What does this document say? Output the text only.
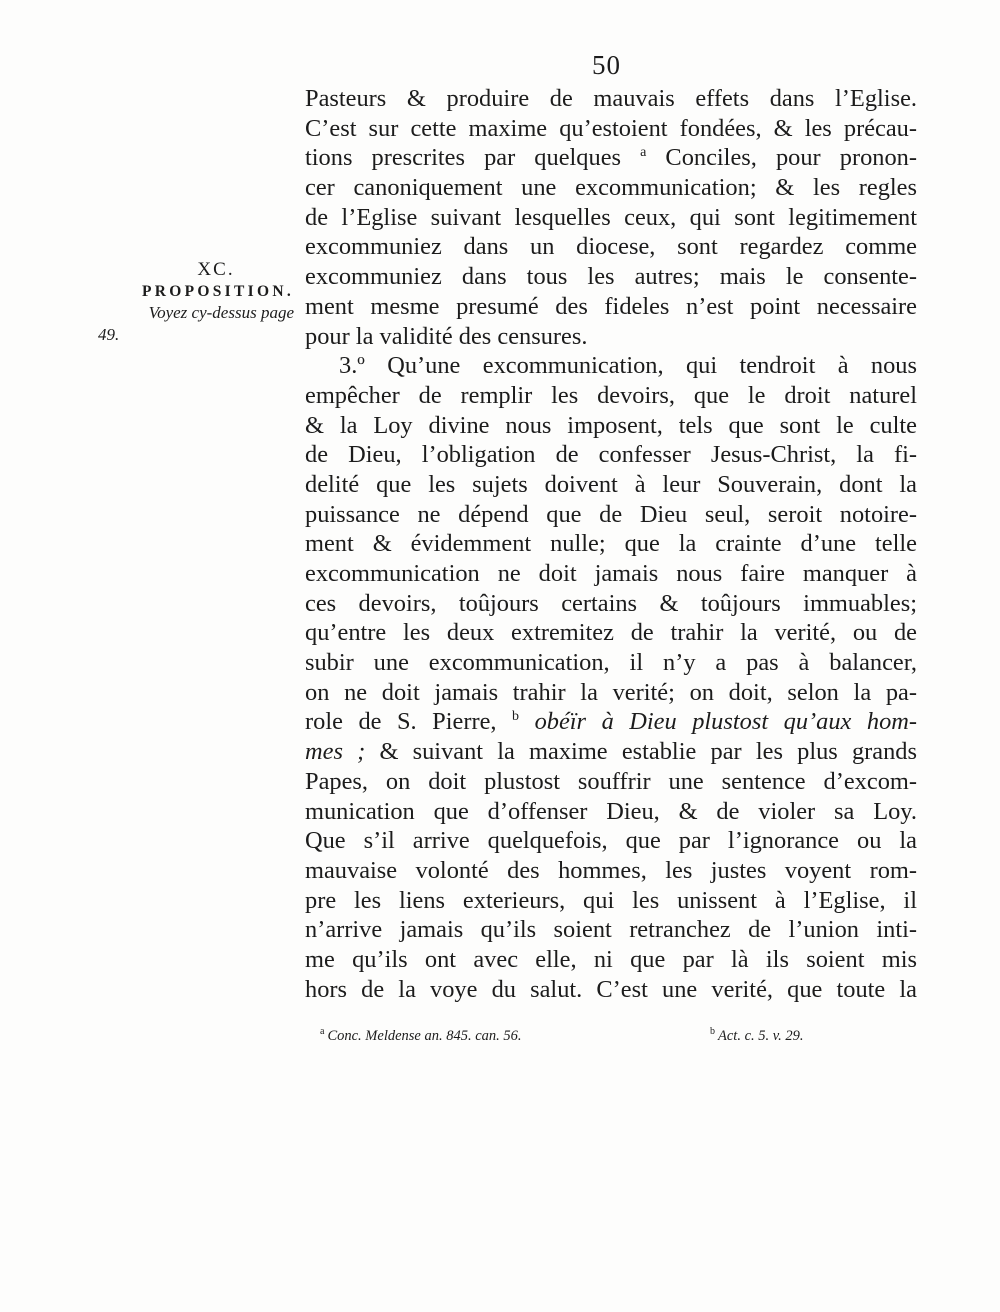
50
XC.
PROPOSITION.
Voyez cy-dessus page
49.
Pasteurs & produire de mauvais effets dans l’Eglise.
C’est sur cette maxime qu’estoient fondées, & les précau-
tions prescrites par quelques $^a$ Conciles, pour pronon-
cer canoniquement une excommunication; & les regles
de l’Eglise suivant lesquelles ceux, qui sont legitimement
excommuniez dans un diocese, sont regardez comme
excommuniez dans tous les autres; mais le consente-
ment mesme presumé des fideles n’est point necessaire
pour la validité des censures.
3.º Qu’une excommunication, qui tendroit à nous
empêcher de remplir les devoirs, que le droit naturel
& la Loy divine nous imposent, tels que sont le culte
de Dieu, l’obligation de confesser Jesus-Christ, la fi-
delité que les sujets doivent à leur Souverain, dont la
puissance ne dépend que de Dieu seul, seroit notoire-
ment & évidemment nulle; que la crainte d’une telle
excommunication ne doit jamais nous faire manquer à
ces devoirs, toûjours certains & toûjours immuables;
qu’entre les deux extremitez de trahir la verité, ou de
subir une excommunication, il n’y a pas à balancer,
on ne doit jamais trahir la verité; on doit, selon la pa-
role de S. Pierre, $^b$ obéïr à Dieu plustost qu’aux hom-
mes ; & suivant la maxime establie par les plus grands
Papes, on doit plustost souffrir une sentence d’excom-
munication que d’offenser Dieu, & de violer sa Loy.
Que s’il arrive quelquefois, que par l’ignorance ou la
mauvaise volonté des hommes, les justes voyent rom-
pre les liens exterieurs, qui les unissent à l’Eglise, il
n’arrive jamais qu’ils soient retranchez de l’union inti-
me qu’ils ont avec elle, ni que par là ils soient mis
hors de la voye du salut. C’est une verité, que toute la
$^a$ Conc. Meldense an. 845. can. 56.	$^b$ Act. c. 5. v. 29.
